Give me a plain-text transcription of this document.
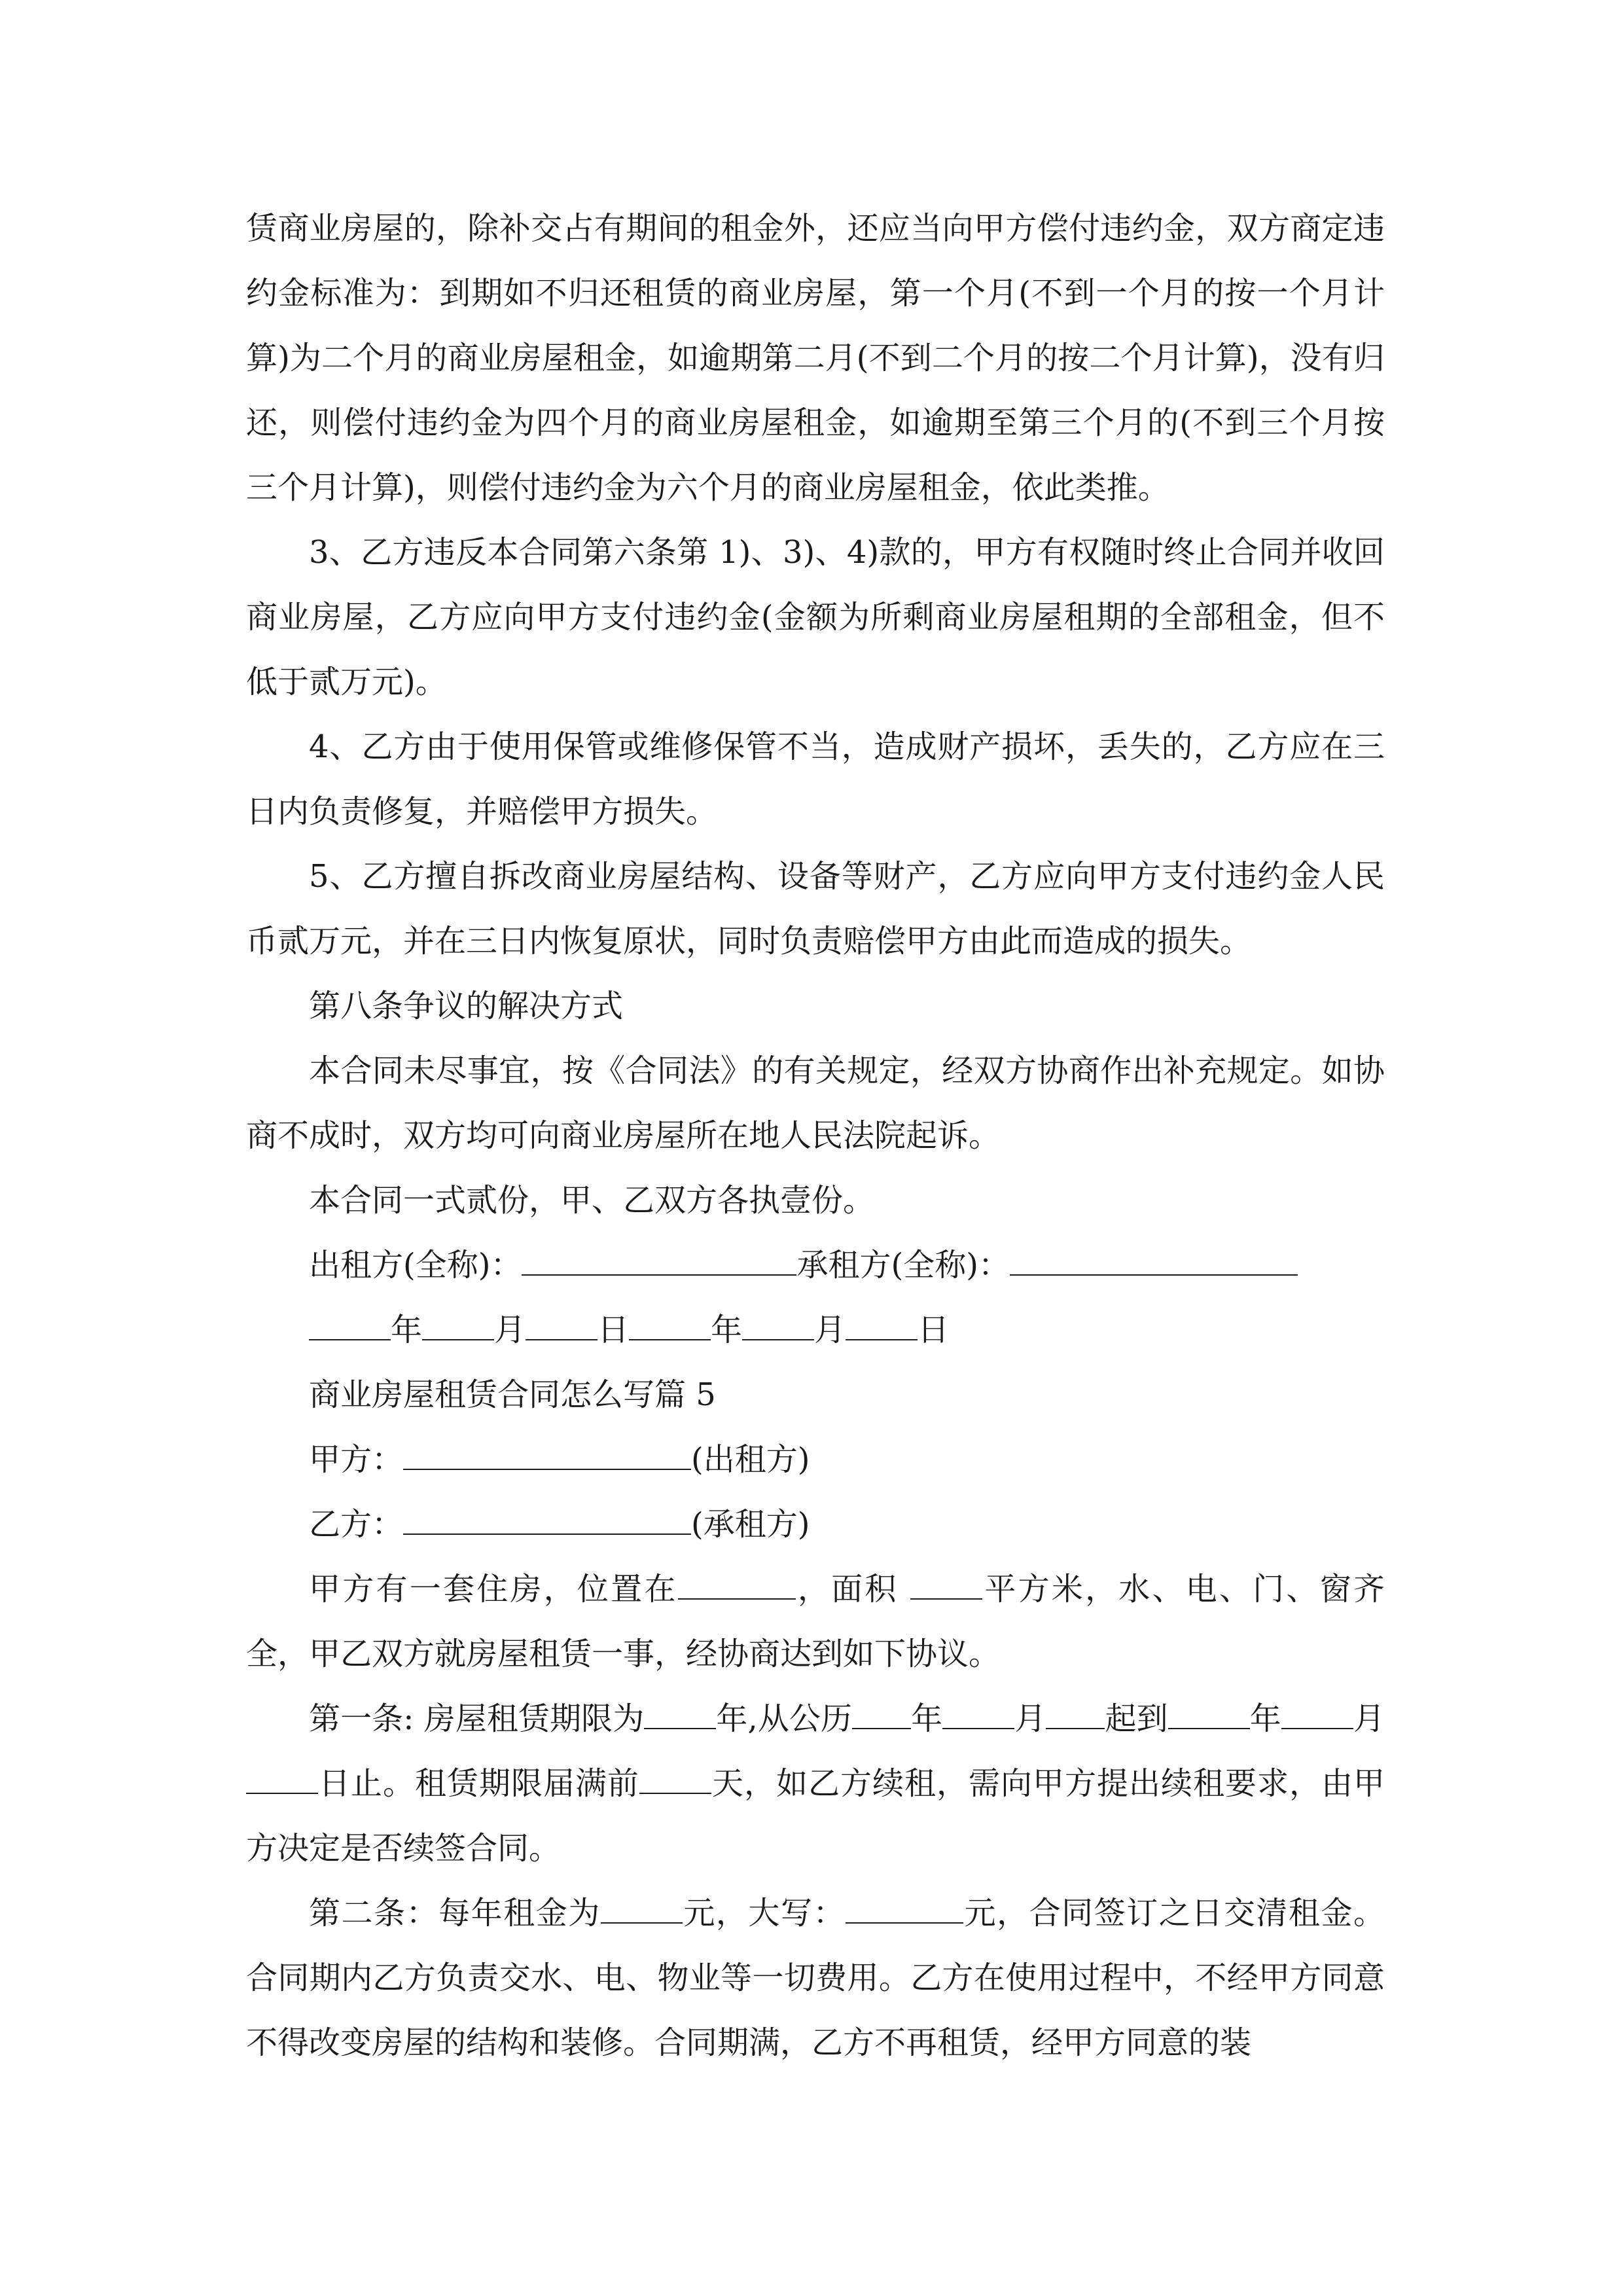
赁商业房屋的，除补交占有期间的租金外，还应当向甲方偿付违约金，双方商定违约金标准为：到期如不归还租赁的商业房屋，第一个月(不到一个月的按一个月计算)为二个月的商业房屋租金，如逾期第二月(不到二个月的按二个月计算)，没有归还，则偿付违约金为四个月的商业房屋租金，如逾期至第三个月的(不到三个月按三个月计算)，则偿付违约金为六个月的商业房屋租金，依此类推。

3、乙方违反本合同第六条第 1)、3)、4)款的，甲方有权随时终止合同并收回商业房屋，乙方应向甲方支付违约金(金额为所剩商业房屋租期的全部租金，但不低于贰万元)。

4、乙方由于使用保管或维修保管不当，造成财产损坏，丢失的，乙方应在三日内负责修复，并赔偿甲方损失。

5、乙方擅自拆改商业房屋结构、设备等财产，乙方应向甲方支付违约金人民币贰万元，并在三日内恢复原状，同时负责赔偿甲方由此而造成的损失。

第八条争议的解决方式

本合同未尽事宜，按《合同法》的有关规定，经双方协商作出补充规定。如协商不成时，双方均可向商业房屋所在地人民法院起诉。

本合同一式贰份，甲、乙双方各执壹份。

出租方(全称)：	承租方(全称)：

年 月 日	年 月 日

商业房屋租赁合同怎么写篇 5

甲方：	(出租方)

乙方：	(承租方)

甲方有一套住房，位置在	，面积 平方米，水、电、门、窗齐全，甲乙双方就房屋租赁一事，经协商达到如下协议。

第一条: 房屋租赁期限为 年,从公历 年 月 起到	年 月日止。租赁期限届满前 天，如乙方续租，需向甲方提出续租要求，由甲方决定是否续签合同。

第二条：每年租金为	元，大写：	元，合同签订之日交清租金。合同期内乙方负责交水、电、物业等一切费用。乙方在使用过程中，不经甲方同意不得改变房屋的结构和装修。合同期满，乙方不再租赁，经甲方同意的装
